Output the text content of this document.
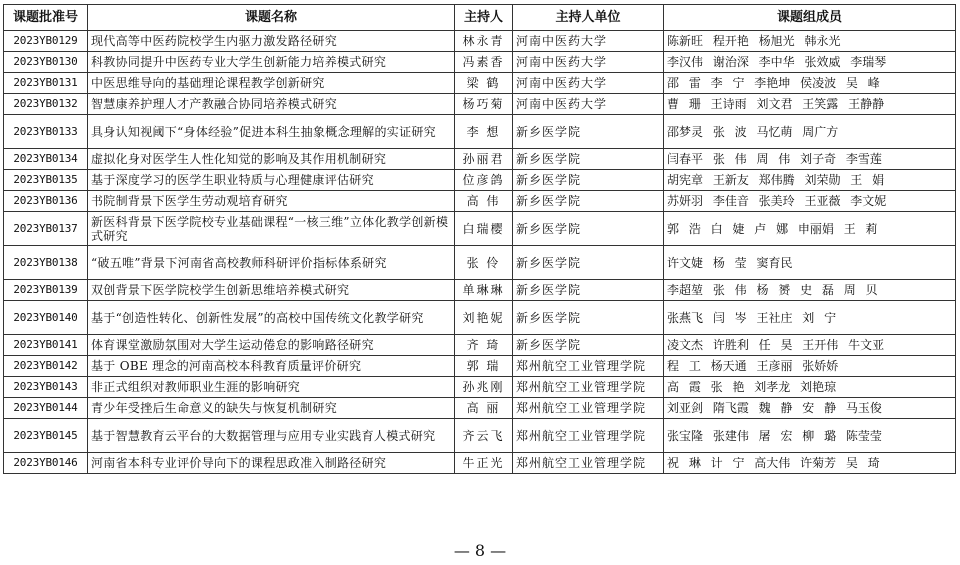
课题批准号	课题名称	主持人	主持人单位	课题组成员
2023YB0129	现代高等中医药院校学生内驱力激发路径研究	林永青	河南中医药大学	陈新旺 程开艳 杨旭光 韩永光
2023YB0130	科教协同提升中医药专业大学生创新能力培养模式研究	冯素香	河南中医药大学	李汉伟 谢治深 李中华 张效威 李瑞琴
2023YB0131	中医思维导向的基础理论课程教学创新研究	梁 鹤	河南中医药大学	邵 雷 李 宁 李艳坤 侯凌波 吴 峰
2023YB0132	智慧康养护理人才产教融合协同培养模式研究	杨巧菊	河南中医药大学	曹 珊 王诗雨 刘文君 王笑露 王静静
2023YB0133	具身认知视阈下“身体经验”促进本科生抽象概念理解的实证研究	李 想	新乡医学院	邵梦灵 张 波 马忆萌 周广方
2023YB0134	虚拟化身对医学生人性化知觉的影响及其作用机制研究	孙丽君	新乡医学院	闫春平 张 伟 周 伟 刘子奇 李雪莲
2023YB0135	基于深度学习的医学生职业特质与心理健康评估研究	位彦鸽	新乡医学院	胡宪章 王新友 郑伟腾 刘荣勋 王 娟
2023YB0136	书院制背景下医学生劳动观培育研究	高 伟	新乡医学院	苏妍羽 李佳音 张美玲 王亚薇 李文妮
2023YB0137	新医科背景下医学院校专业基础课程“一核三维”立体化教学创新模式研究	白瑞樱	新乡医学院	郭 浩 白 婕 卢 娜 申丽娟 王 莉
2023YB0138	“破五唯”背景下河南省高校教师科研评价指标体系研究	张 伶	新乡医学院	许文婕 杨 莹 窦育民
2023YB0139	双创背景下医学院校学生创新思维培养模式研究	单琳琳	新乡医学院	李超堃 张 伟 杨 赟 史 磊 周 贝
2023YB0140	基于“创造性转化、创新性发展”的高校中国传统文化教学研究	刘艳妮	新乡医学院	张燕飞 闫 岑 王社庄 刘 宁
2023YB0141	体育课堂激励氛围对大学生运动倦怠的影响路径研究	齐 琦	新乡医学院	凌文杰 许胜利 任 昊 王开伟 牛文亚
2023YB0142	基于 OBE 理念的河南高校本科教育质量评价研究	郭 瑞	郑州航空工业管理学院	程 工 杨天通 王彦丽 张娇娇
2023YB0143	非正式组织对教师职业生涯的影响研究	孙兆刚	郑州航空工业管理学院	高 霞 张 艳 刘孝龙 刘艳琼
2023YB0144	青少年受挫后生命意义的缺失与恢复机制研究	高 丽	郑州航空工业管理学院	刘亚剑 隋飞霞 魏 静 安 静 马玉俊
2023YB0145	基于智慧教育云平台的大数据管理与应用专业实践育人模式研究	齐云飞	郑州航空工业管理学院	张宝隆 张建伟 屠 宏 柳 璐 陈莹莹
2023YB0146	河南省本科专业评价导向下的课程思政准入制路径研究	牛正光	郑州航空工业管理学院	祝 琳 计 宁 高大伟 许菊芳 吴 琦
— 8 —
